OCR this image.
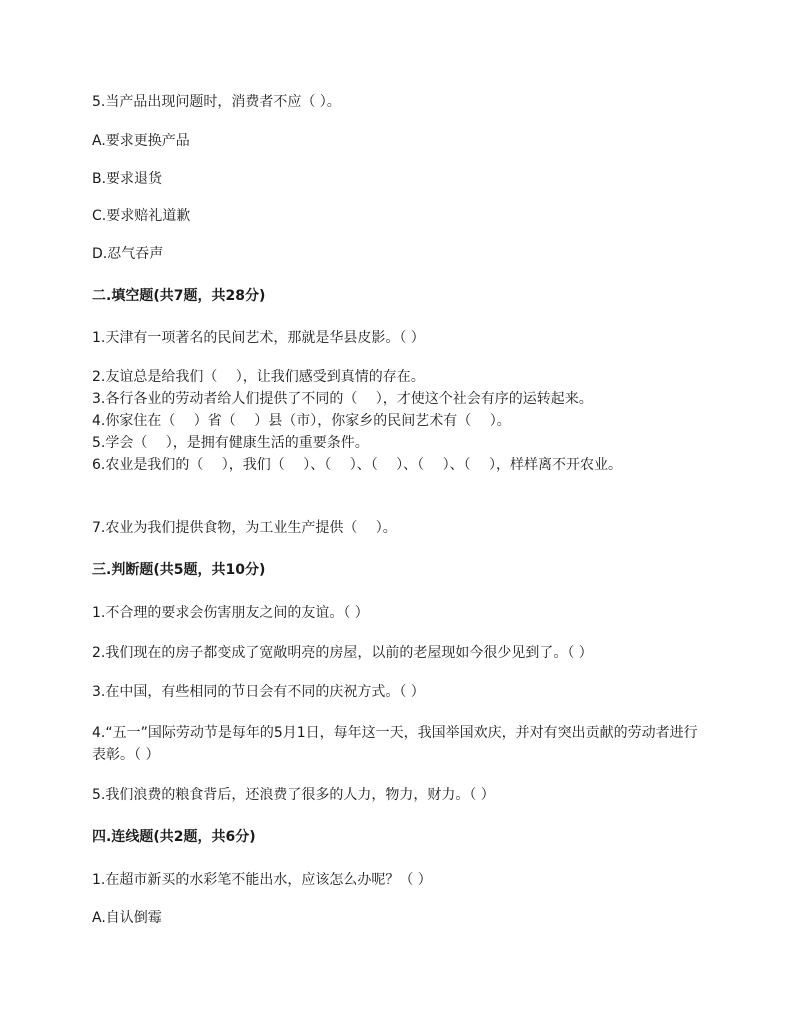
5.当产品出现问题时，消费者不应（ ）。
A.要求更换产品
B.要求退货
C.要求赔礼道歉
D.忍气吞声
二.填空题(共7题，共28分)
1.天津有一项著名的民间艺术，那就是华县皮影。（ ）
2.友谊总是给我们（　 ），让我们感受到真情的存在。
3.各行各业的劳动者给人们提供了不同的（　 ），才使这个社会有序的运转起来。
4.你家住在（　 ）省（　 ）县（市），你家乡的民间艺术有（　 ）。
5.学会（　 ），是拥有健康生活的重要条件。
6.农业是我们的（　 ），我们（　 ）、（　 ）、（　 ）、（　 ）、（　 ），样样离不开农业。
7.农业为我们提供食物，为工业生产提供（　 ）。
三.判断题(共5题，共10分)
1.不合理的要求会伤害朋友之间的友谊。（ ）
2.我们现在的房子都变成了宽敞明亮的房屋，以前的老屋现如今很少见到了。（ ）
3.在中国，有些相同的节日会有不同的庆祝方式。（ ）
4.“五一”国际劳动节是每年的5月1日，每年这一天，我国举国欢庆，并对有突出贡献的劳动者进行表彰。（ ）
5.我们浪费的粮食背后，还浪费了很多的人力，物力，财力。（ ）
四.连线题(共2题，共6分)
1.在超市新买的水彩笔不能出水，应该怎么办呢？（ ）
A.自认倒霉
